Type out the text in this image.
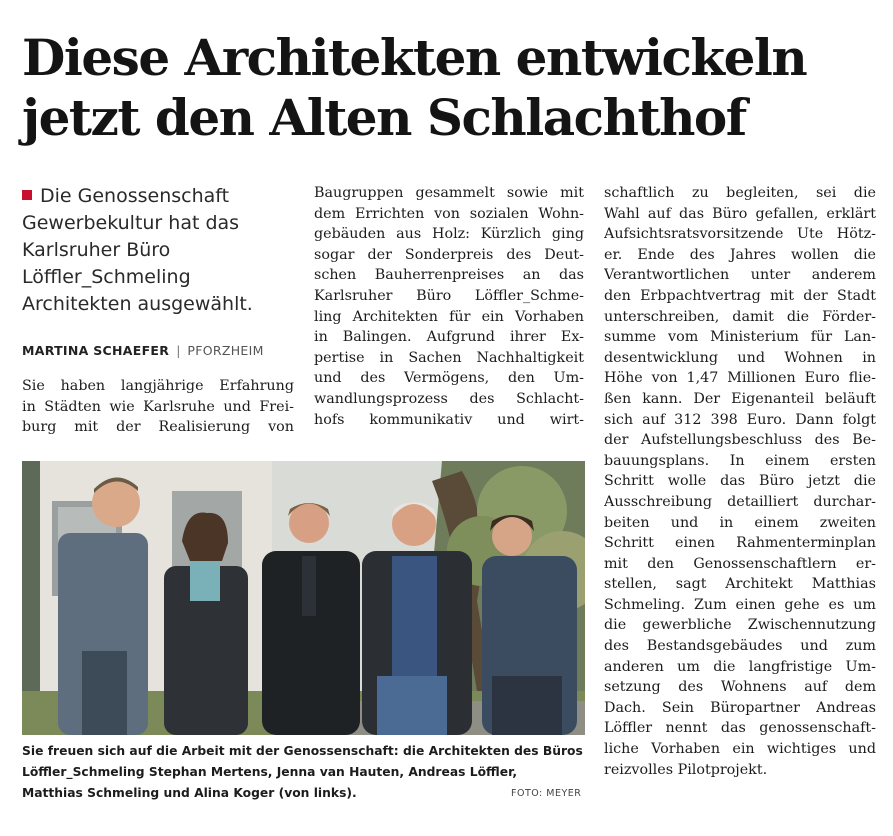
Diese Architekten entwickeln
jetzt den Alten Schlachthof
Die Genossenschaft
Gewerbekultur hat das
Karlsruher Büro
Löffler_Schmeling
Architekten ausgewählt.
MARTINA SCHAEFER | PFORZHEIM
Sie haben langjährige Erfahrung
in Städten wie Karlsruhe und Frei-
burg mit der Realisierung von
Baugruppen gesammelt sowie mit
dem Errichten von sozialen Wohn-
gebäuden aus Holz: Kürzlich ging
sogar der Sonderpreis des Deut-
schen Bauherrenpreises an das
Karlsruher Büro Löffler_Schme-
ling Architekten für ein Vorhaben
in Balingen. Aufgrund ihrer Ex-
pertise in Sachen Nachhaltigkeit
und des Vermögens, den Um-
wandlungsprozess des Schlacht-
hofs kommunikativ und wirt-
schaftlich zu begleiten, sei die
Wahl auf das Büro gefallen, erklärt
Aufsichtsratsvorsitzende Ute Hötz-
er. Ende des Jahres wollen die
Verantwortlichen unter anderem
den Erbpachtvertrag mit der Stadt
unterschreiben, damit die Förder-
summe vom Ministerium für Lan-
desentwicklung und Wohnen in
Höhe von 1,47 Millionen Euro flie-
ßen kann. Der Eigenanteil beläuft
sich auf 312 398 Euro. Dann folgt
der Aufstellungsbeschluss des Be-
bauungsplans. In einem ersten
Schritt wolle das Büro jetzt die
Ausschreibung detailliert durchar-
beiten und in einem zweiten
Schritt einen Rahmenterminplan
mit den Genossenschaftlern er-
stellen, sagt Architekt Matthias
Schmeling. Zum einen gehe es um
die gewerbliche Zwischennutzung
des Bestandsgebäudes und zum
anderen um die langfristige Um-
setzung des Wohnens auf dem
Dach. Sein Büropartner Andreas
Löffler nennt das genossenschaft-
liche Vorhaben ein wichtiges und
reizvolles Pilotprojekt.
Sie freuen sich auf die Arbeit mit der Genossenschaft: die Architekten des Büros
Löffler_Schmeling Stephan Mertens, Jenna van Hauten, Andreas Löffler,
Matthias Schmeling und Alina Koger (von links).	FOTO: MEYER
